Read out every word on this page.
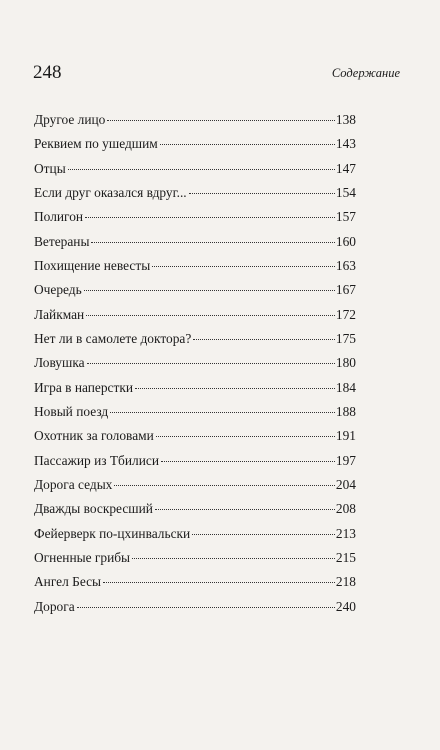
248	Содержание
Другое лицо	138
Реквием по ушедшим	143
Отцы	147
Если друг оказался вдруг...	154
Полигон	157
Ветераны	160
Похищение невесты	163
Очередь	167
Лайкман	172
Нет ли в самолете доктора?	175
Ловушка	180
Игра в наперстки	184
Новый поезд	188
Охотник за головами	191
Пассажир из Тбилиси	197
Дорога седых	204
Дважды воскресший	208
Фейерверк по-цхинвальски	213
Огненные грибы	215
Ангел Бесы	218
Дорога	240
